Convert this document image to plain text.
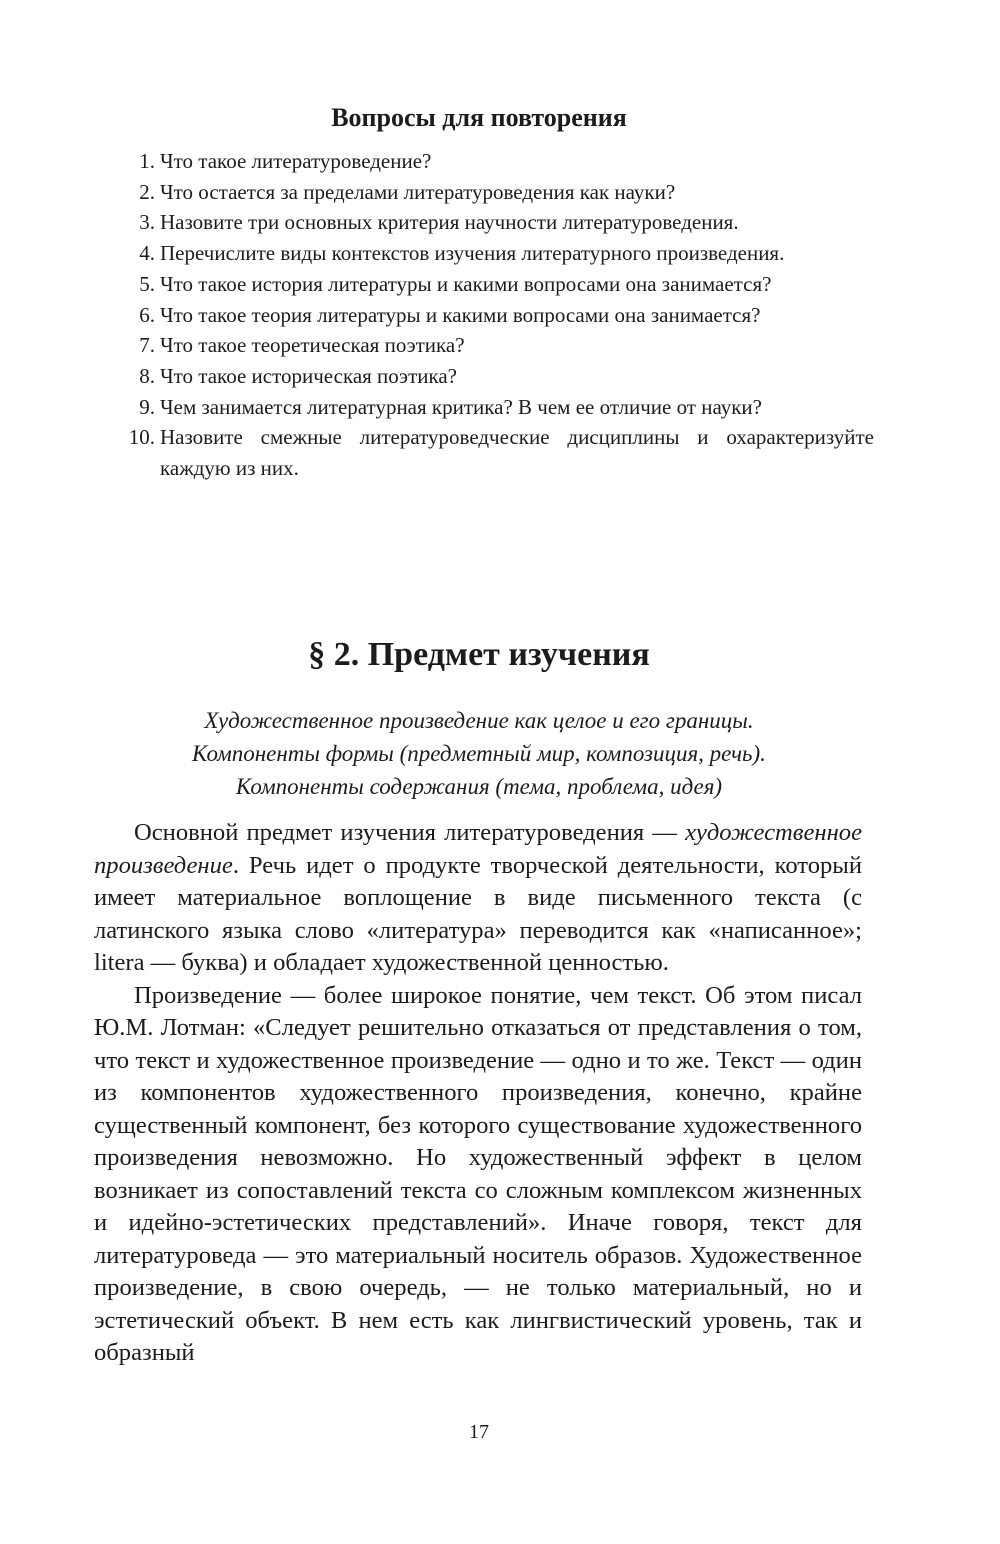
Вопросы для повторения
1. Что такое литературоведение?
2. Что остается за пределами литературоведения как науки?
3. Назовите три основных критерия научности литературоведения.
4. Перечислите виды контекстов изучения литературного произведения.
5. Что такое история литературы и какими вопросами она занимается?
6. Что такое теория литературы и какими вопросами она занимается?
7. Что такое теоретическая поэтика?
8. Что такое историческая поэтика?
9. Чем занимается литературная критика? В чем ее отличие от науки?
10. Назовите смежные литературоведческие дисциплины и охарактеризуйте каждую из них.
§ 2. Предмет изучения
Художественное произведение как целое и его границы.
Компоненты формы (предметный мир, композиция, речь).
Компоненты содержания (тема, проблема, идея)

Основной предмет изучения литературоведения — художественное произведение. Речь идет о продукте творческой деятельности, который имеет материальное воплощение в виде письменного текста (с латинского языка слово «литература» переводится как «написанное»; litera — буква) и обладает художественной ценностью.

Произведение — более широкое понятие, чем текст. Об этом писал Ю.М. Лотман: «Следует решительно отказаться от представления о том, что текст и художественное произведение — одно и то же. Текст — один из компонентов художественного произведения, конечно, крайне существенный компонент, без которого существование художественного произведения невозможно. Но художественный эффект в целом возникает из сопоставлений текста со сложным комплексом жизненных и идейно-эстетических представлений». Иначе говоря, текст для литературоведа — это материальный носитель образов. Художественное произведение, в свою очередь, — не только материальный, но и эстетический объект. В нем есть как лингвистический уровень, так и образный

17
